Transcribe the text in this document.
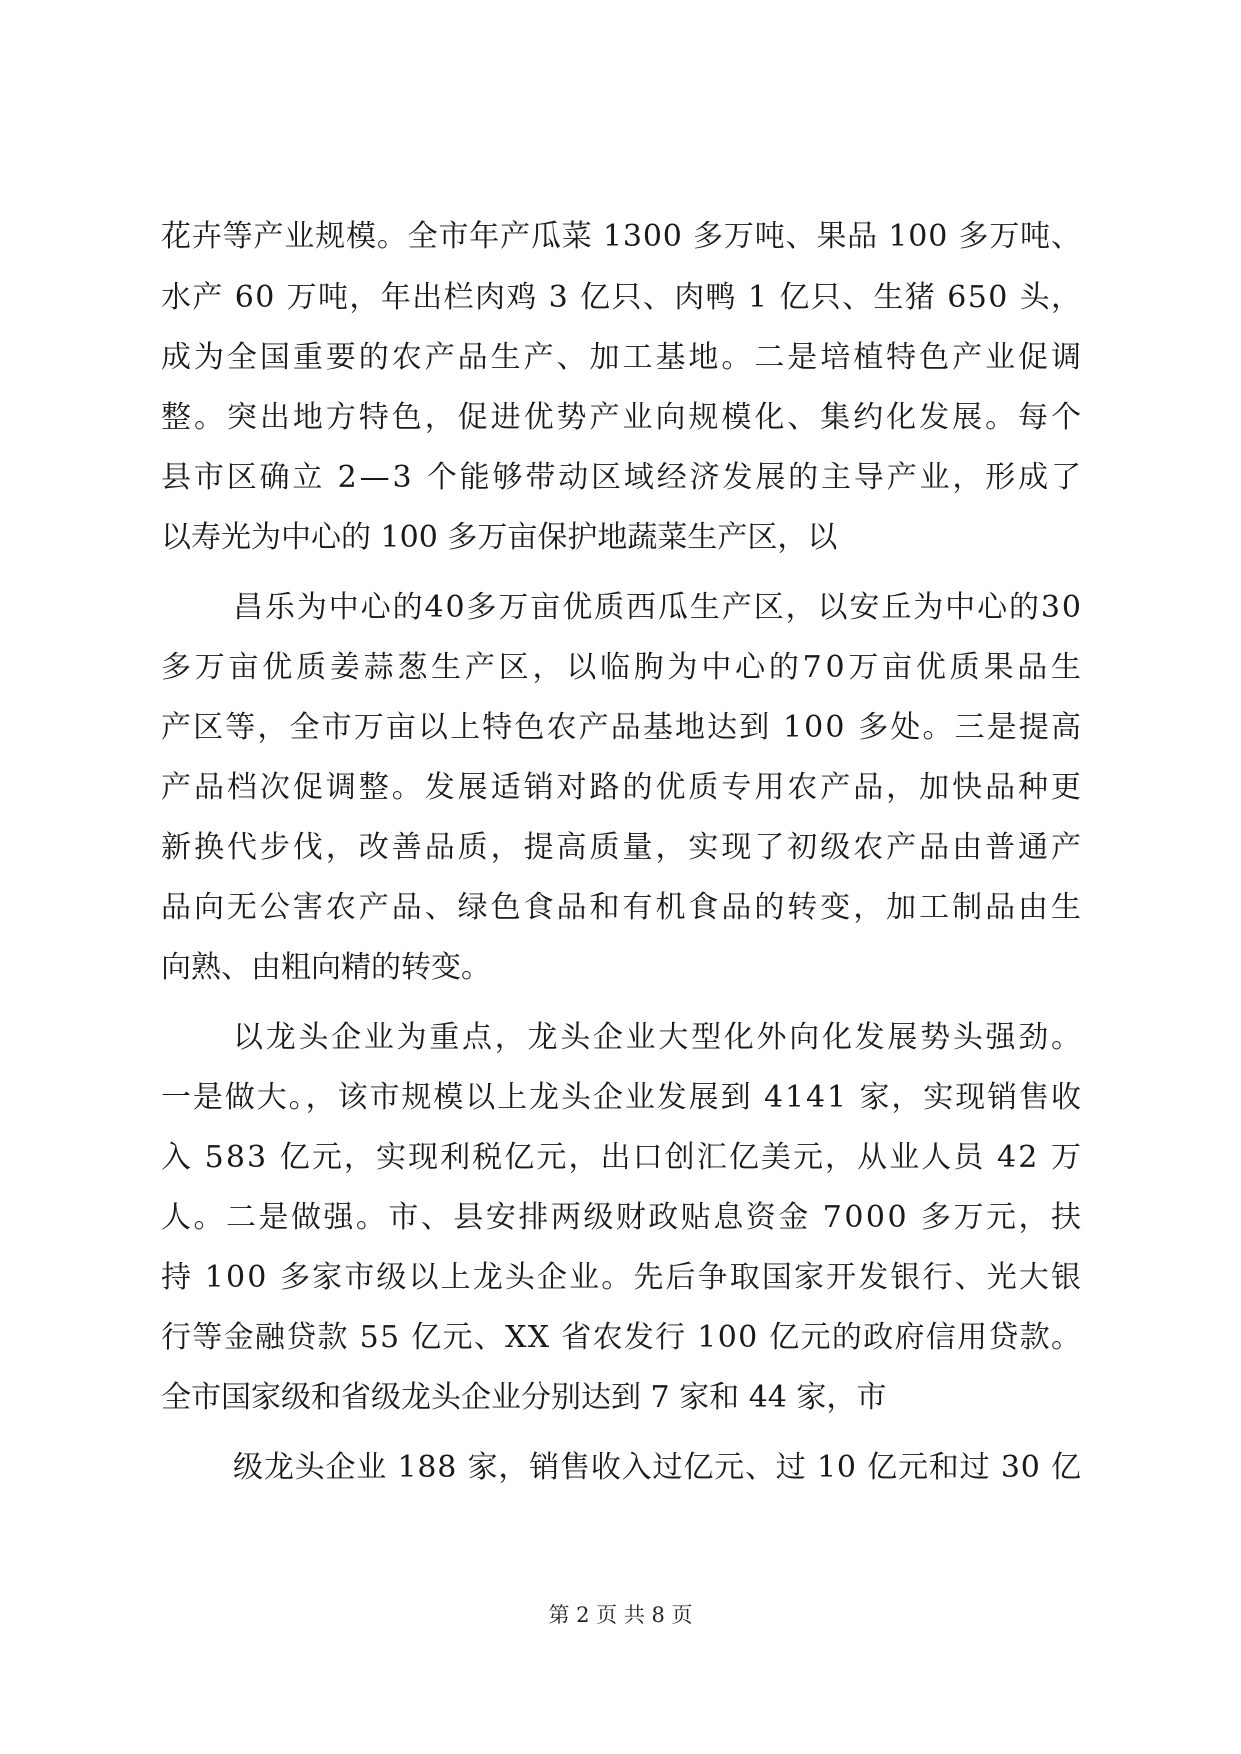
花卉等产业规模。全市年产瓜菜 1300 多万吨、果品 100 多万吨、

水产 60 万吨，年出栏肉鸡 3 亿只、肉鸭 1 亿只、生猪 650 头，

成为全国重要的农产品生产、加工基地。二是培植特色产业促调

整。突出地方特色，促进优势产业向规模化、集约化发展。每个

县市区确立 2—3 个能够带动区域经济发展的主导产业，形成了

以寿光为中心的 100 多万亩保护地蔬菜生产区，以

昌乐为中心的40多万亩优质西瓜生产区，以安丘为中心的30

多万亩优质姜蒜葱生产区，以临朐为中心的70万亩优质果品生

产区等，全市万亩以上特色农产品基地达到 100 多处。三是提高

产品档次促调整。发展适销对路的优质专用农产品，加快品种更

新换代步伐，改善品质，提高质量，实现了初级农产品由普通产

品向无公害农产品、绿色食品和有机食品的转变，加工制品由生

向熟、由粗向精的转变。

以龙头企业为重点，龙头企业大型化外向化发展势头强劲。

一是做大。，该市规模以上龙头企业发展到 4141 家，实现销售收

入 583 亿元，实现利税亿元，出口创汇亿美元，从业人员 42 万

人。二是做强。市、县安排两级财政贴息资金 7000 多万元，扶

持 100 多家市级以上龙头企业。先后争取国家开发银行、光大银

行等金融贷款 55 亿元、XX 省农发行 100 亿元的政府信用贷款。

全市国家级和省级龙头企业分别达到 7 家和 44 家，市

级龙头企业 188 家，销售收入过亿元、过 10 亿元和过 30 亿

第 2 页 共 8 页
